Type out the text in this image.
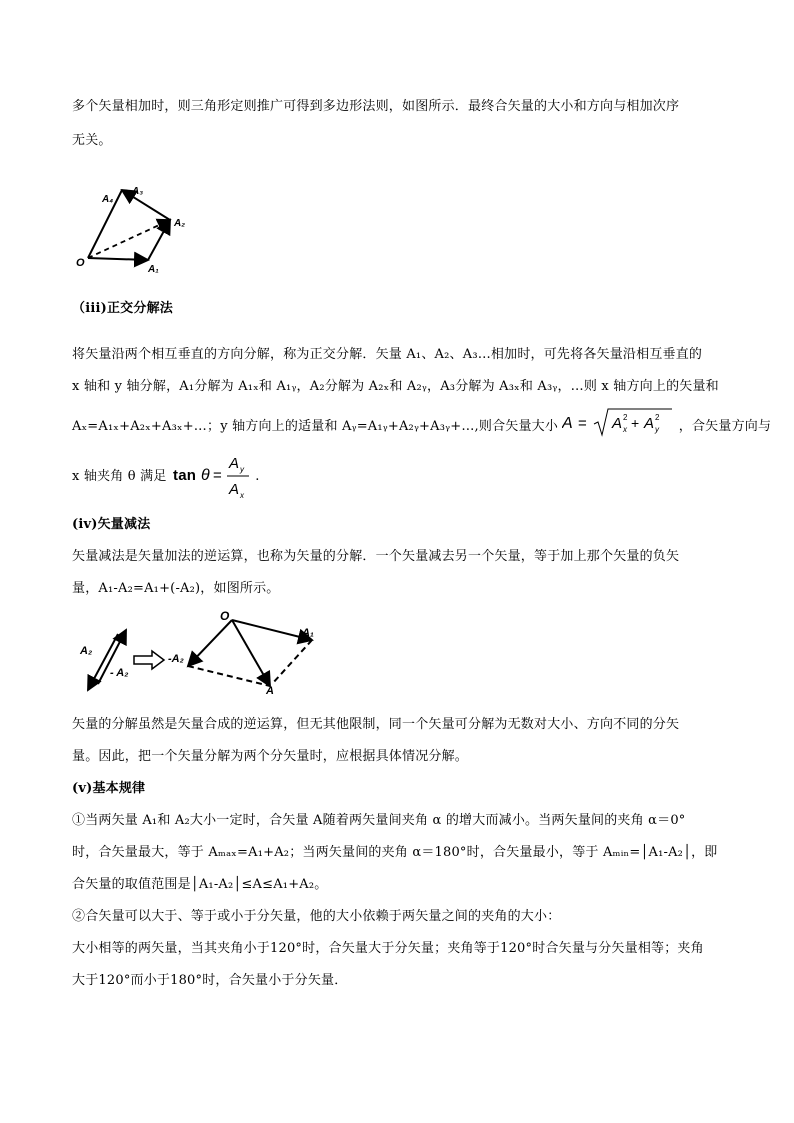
多个矢量相加时，则三角形定则推广可得到多边形法则，如图所示．最终合矢量的大小和方向与相加次序
无关。
O
A₁
A₂
A₃
A₄
（iii)正交分解法
将矢量沿两个相互垂直的方向分解，称为正交分解．矢量 A₁、A₂、A₃…相加时，可先将各矢量沿相互垂直的
x 轴和 y 轴分解，A₁分解为 A₁ₓ和 A₁ᵧ，A₂分解为 A₂ₓ和 A₂ᵧ，A₃分解为 A₃ₓ和 A₃ᵧ，…则 x 轴方向上的矢量和
Aₓ=A₁ₓ+A₂ₓ+A₃ₓ+…；y 轴方向上的适量和 Aᵧ=A₁ᵧ+A₂ᵧ+A₃ᵧ+…,则合矢量大小 A = A x
2 + A y
2
，合矢量方向与
x 轴夹角 θ 满足 tan θ =
A y
A x
.
(iv)矢量减法
矢量减法是矢量加法的逆运算，也称为矢量的分解．一个矢量减去另一个矢量，等于加上那个矢量的负矢
量，A₁-A₂=A₁+(-A₂)，如图所示。
A₂
- A₂
O
A₁
-A₂
A
矢量的分解虽然是矢量合成的逆运算，但无其他限制，同一个矢量可分解为无数对大小、方向不同的分矢
量。因此，把一个矢量分解为两个分矢量时，应根据具体情况分解。
(v)基本规律
①当两矢量 A₁和 A₂大小一定时，合矢量 A随着两矢量间夹角 α 的增大而减小。当两矢量间的夹角 α＝0°
时，合矢量最大，等于 Aₘₐₓ=A₁+A₂；当两矢量间的夹角 α＝180°时，合矢量最小，等于 Aₘᵢₙ=│A₁-A₂│，即
合矢量的取值范围是│A₁-A₂│≤A≤A₁+A₂。
②合矢量可以大于、等于或小于分矢量，他的大小依赖于两矢量之间的夹角的大小：
大小相等的两矢量，当其夹角小于120°时，合矢量大于分矢量；夹角等于120°时合矢量与分矢量相等；夹角
大于120°而小于180°时，合矢量小于分矢量．
